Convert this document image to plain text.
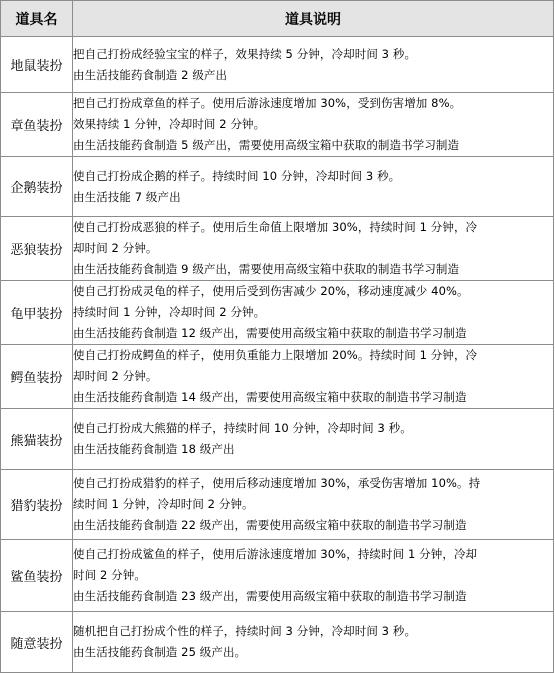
道具名	道具说明
地鼠装扮	把自己打扮成经验宝宝的样子，效果持续 5 分钟，冷却时间 3 秒。
由生活技能药食制造 2 级产出

章鱼装扮	把自己打扮成章鱼的样子。使用后游泳速度增加 30%，受到伤害增加 8%。
效果持续 1 分钟，冷却时间 2 分钟。
由生活技能药食制造 5 级产出，需要使用高级宝箱中获取的制造书学习制造

企鹅装扮	使自己打扮成企鹅的样子。持续时间 10 分钟，冷却时间 3 秒。
由生活技能 7 级产出

恶狼装扮	使自己打扮成恶狼的样子。使用后生命值上限增加 30%，持续时间 1 分钟，冷
却时间 2 分钟。
由生活技能药食制造 9 级产出，需要使用高级宝箱中获取的制造书学习制造

龟甲装扮	使自己打扮成灵龟的样子，使用后受到伤害减少 20%，移动速度减少 40%。
持续时间 1 分钟，冷却时间 2 分钟。
由生活技能药食制造 12 级产出，需要使用高级宝箱中获取的制造书学习制造

鳄鱼装扮	使自己打扮成鳄鱼的样子，使用负重能力上限增加 20%。持续时间 1 分钟，冷
却时间 2 分钟。
由生活技能药食制造 14 级产出，需要使用高级宝箱中获取的制造书学习制造

熊猫装扮	使自己打扮成大熊猫的样子，持续时间 10 分钟，冷却时间 3 秒。
由生活技能药食制造 18 级产出

猎豹装扮	使自己打扮成猎豹的样子，使用后移动速度增加 30%，承受伤害增加 10%。持
续时间 1 分钟，冷却时间 2 分钟。
由生活技能药食制造 22 级产出，需要使用高级宝箱中获取的制造书学习制造

鲨鱼装扮	使自己打扮成鲨鱼的样子，使用后游泳速度增加 30%，持续时间 1 分钟，冷却
时间 2 分钟。
由生活技能药食制造 23 级产出，需要使用高级宝箱中获取的制造书学习制造

随意装扮	随机把自己打扮成个性的样子，持续时间 3 分钟，冷却时间 3 秒。
由生活技能药食制造 25 级产出。
